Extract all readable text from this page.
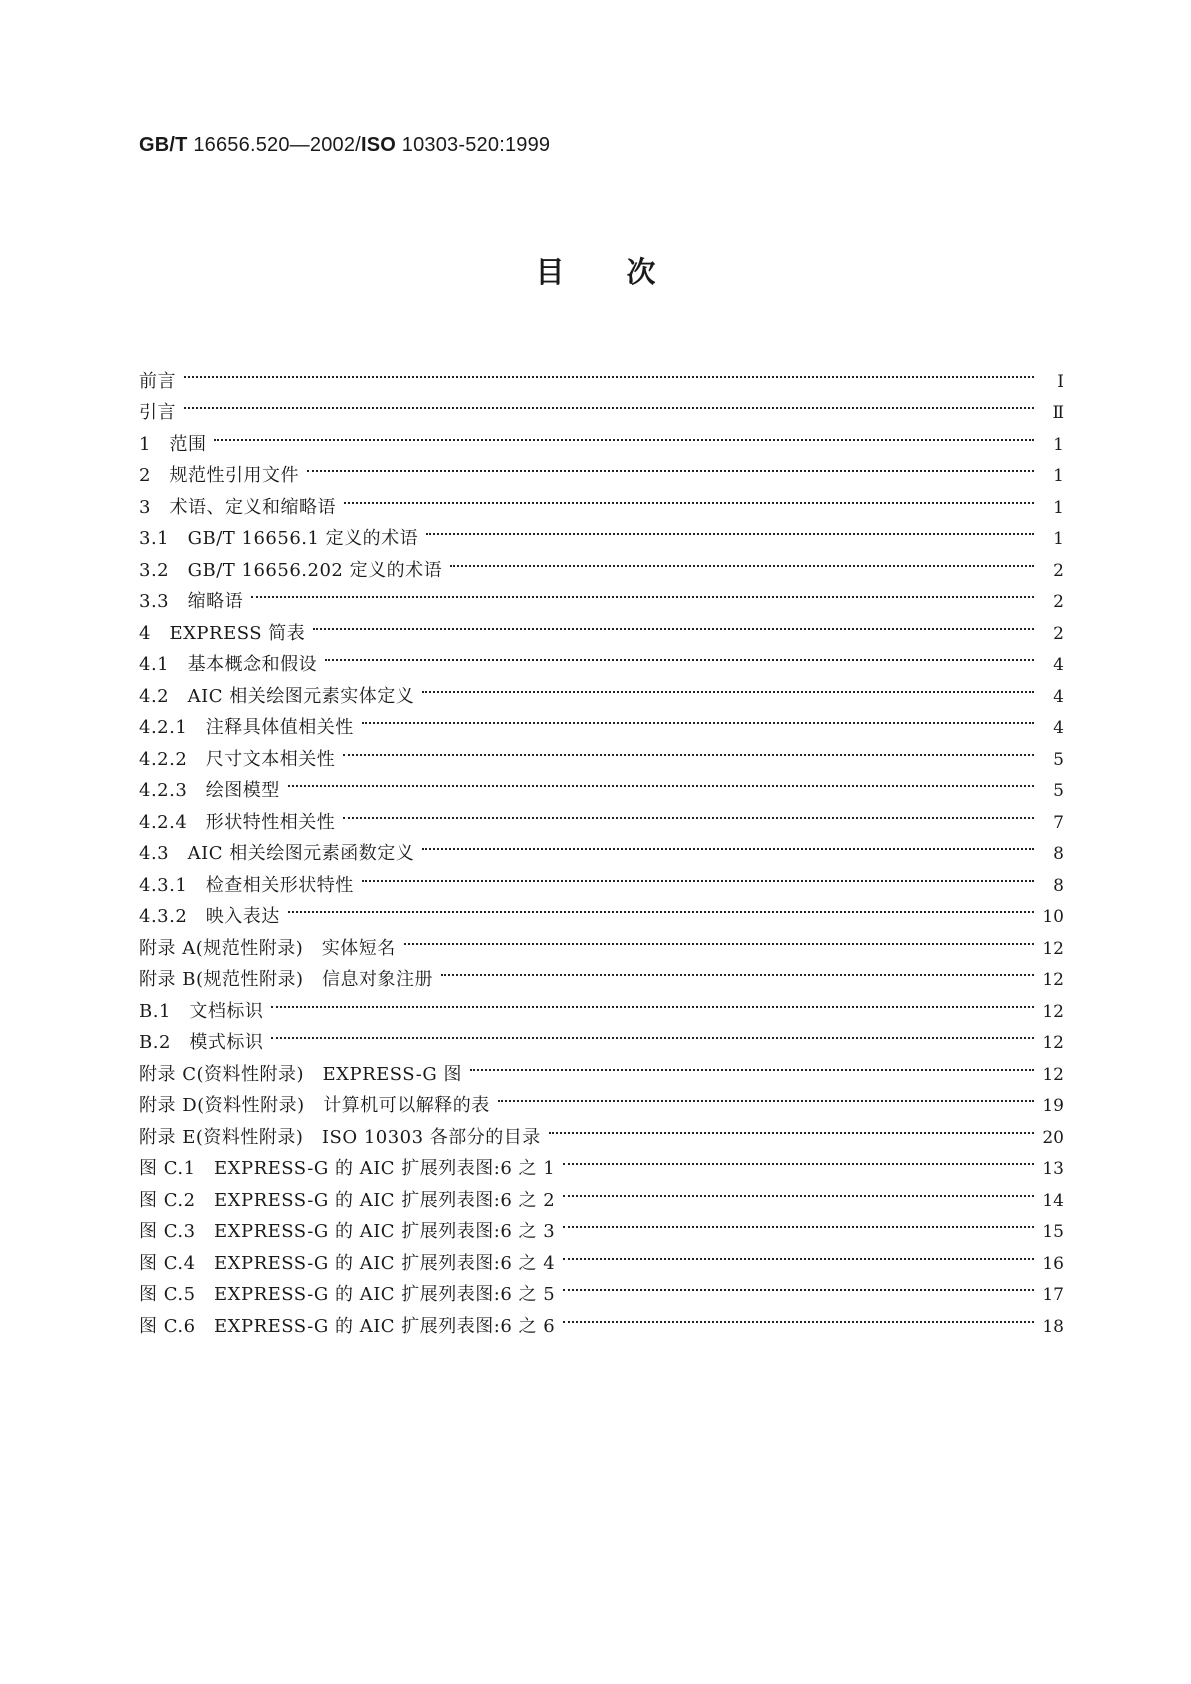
GB/T 16656.520—2002/ISO 10303-520:1999
目次
前言	Ⅰ
引言	Ⅱ
1　范围	1
2　规范性引用文件	1
3　术语、定义和缩略语	1
3.1　GB/T 16656.1 定义的术语	1
3.2　GB/T 16656.202 定义的术语	2
3.3　缩略语	2
4　EXPRESS 简表	2
4.1　基本概念和假设	4
4.2　AIC 相关绘图元素实体定义	4
4.2.1　注释具体值相关性	4
4.2.2　尺寸文本相关性	5
4.2.3　绘图模型	5
4.2.4　形状特性相关性	7
4.3　AIC 相关绘图元素函数定义	8
4.3.1　检查相关形状特性	8
4.3.2　映入表达	10
附录 A(规范性附录)　实体短名	12
附录 B(规范性附录)　信息对象注册	12
B.1　文档标识	12
B.2　模式标识	12
附录 C(资料性附录)　EXPRESS-G 图	12
附录 D(资料性附录)　计算机可以解释的表	19
附录 E(资料性附录)　ISO 10303 各部分的目录	20
图 C.1　EXPRESS-G 的 AIC 扩展列表图:6 之 1	13
图 C.2　EXPRESS-G 的 AIC 扩展列表图:6 之 2	14
图 C.3　EXPRESS-G 的 AIC 扩展列表图:6 之 3	15
图 C.4　EXPRESS-G 的 AIC 扩展列表图:6 之 4	16
图 C.5　EXPRESS-G 的 AIC 扩展列表图:6 之 5	17
图 C.6　EXPRESS-G 的 AIC 扩展列表图:6 之 6	18
